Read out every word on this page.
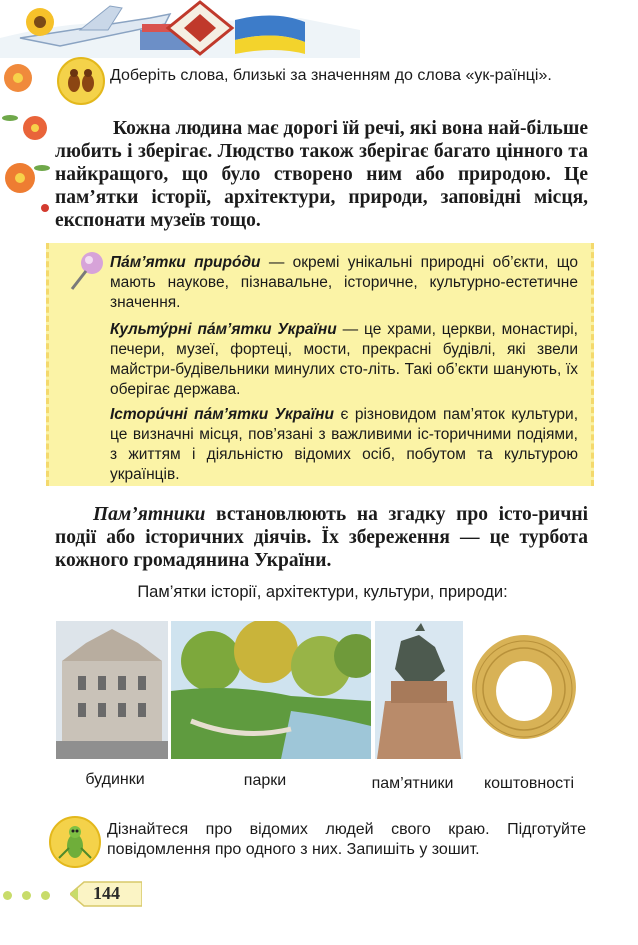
Доберіть слова, близькі за значенням до слова «ук-раїнці».
Кожна людина має дорогі їй речі, які вона най-більше любить і зберігає. Людство також зберігає багато цінного та найкращого, що було створено ним або природою. Це пам’ятки історії, архітектури, природи, заповідні місця, експонати музеїв тощо.
Па́м’ятки приро́ди — окремі унікальні природні об’єкти, що мають наукове, пізнавальне, історичне, культурно-естетичне значення.
Культу́рні па́м’ятки України — це храми, церкви, монастирі, печери, музеї, фортеці, мости, прекрасні будівлі, які звели майстри-будівельники минулих сто-літь. Такі об’єкти шанують, їх оберігає держава.
Істори́чні па́м’ятки України є різновидом пам’яток культури, це визначні місця, пов’язані з важливими іс-торичними подіями, з життям і діяльністю відомих осіб, побутом та культурою українців.
Пам’ятники встановлюють на згадку про істо-ричні події або історичних діячів. Їх збереження — це турбота кожного громадянина України.
Пам’ятки історії, архітектури, культури, природи:
будинки	парки	пам’ятники	коштовності
Дізнайтеся про відомих людей свого краю. Підготуйте повідомлення про одного з них. Запишіть у зошит.
144
